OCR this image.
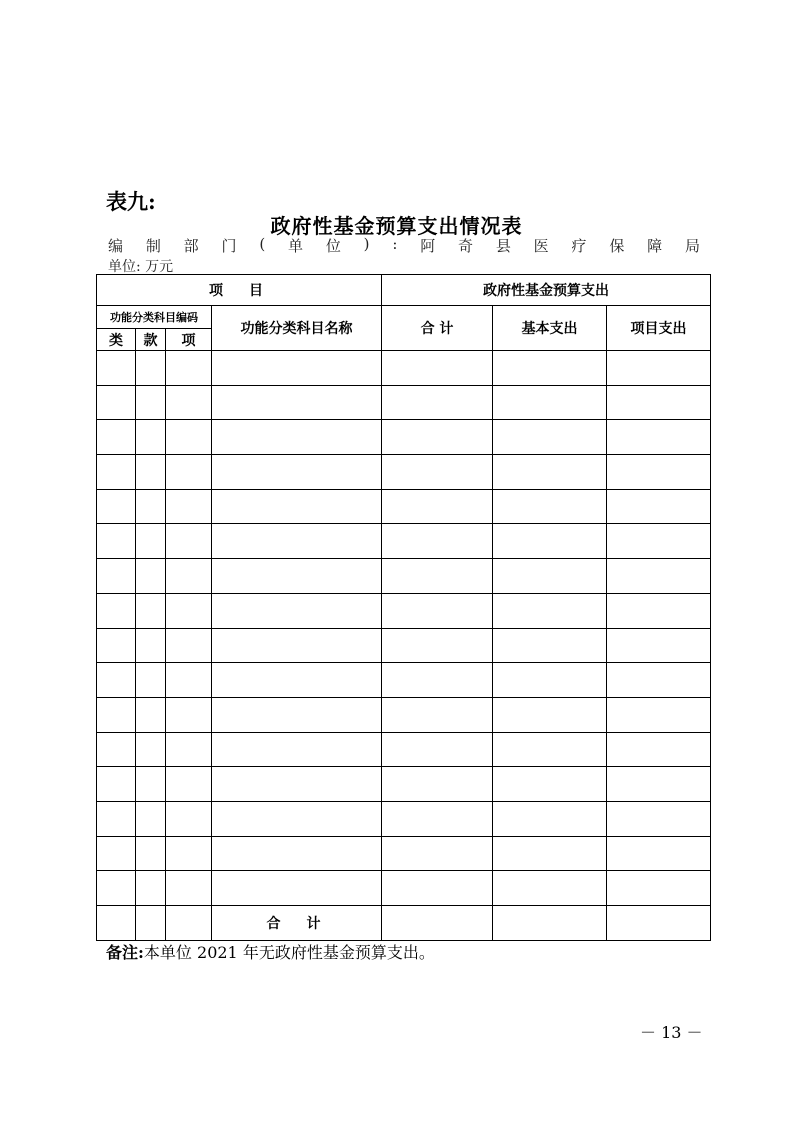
表九:
政府性基金预算支出情况表
编 制 部 门 ( 单 位 ) : 阿 奇 县 医 疗 保 障 局
单位: 万元
项　目				政府性基金预算支出		
功能分类科目编码			功能分类科目名称	合 计	基本支出	项目支出
类	款	项				

			合　计			
备注:本单位 2021 年无政府性基金预算支出。
－ 13 －
